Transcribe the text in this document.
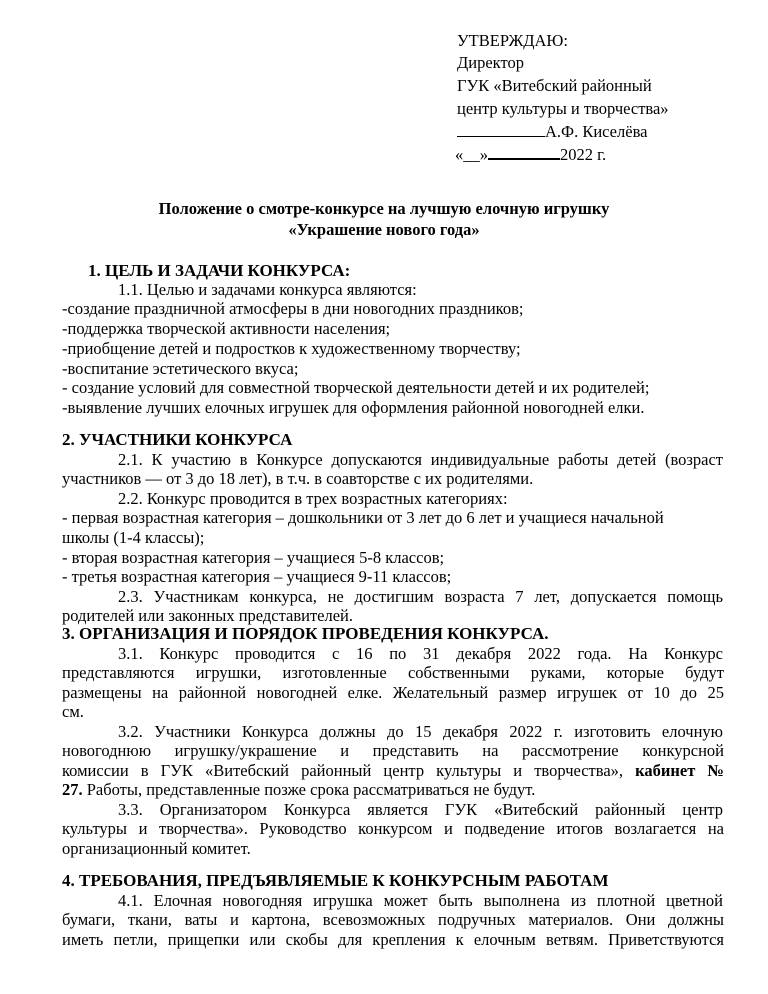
УТВЕРЖДАЮ:
Директор
ГУК «Витебский районный
центр культуры и творчества»
А.Ф. Киселёва
«__»	2022 г.
Положение о смотре-конкурсе на лучшую елочную игрушку
«Украшение нового года»
1. ЦЕЛЬ И ЗАДАЧИ КОНКУРСА:
1.1. Целью и задачами конкурса являются:
-создание праздничной атмосферы в дни новогодних праздников;
-поддержка творческой активности населения;
-приобщение детей и подростков к художественному творчеству;
-воспитание эстетического вкуса;
- создание условий для совместной творческой деятельности детей и их родителей;
-выявление лучших елочных игрушек для оформления районной новогодней елки.
2. УЧАСТНИКИ КОНКУРСА
2.1. К участию в Конкурсе допускаются индивидуальные работы детей (возраст
участников — от 3 до 18 лет), в т.ч. в соавторстве с их родителями.
2.2. Конкурс проводится в трех возрастных категориях:
- первая возрастная категория – дошкольники от 3 лет до 6 лет и учащиеся начальной
школы (1-4 классы);
- вторая возрастная категория – учащиеся 5-8 классов;
- третья возрастная категория – учащиеся 9-11 классов;
2.3. Участникам конкурса, не достигшим возраста 7 лет, допускается помощь
родителей или законных представителей.
3. ОРГАНИЗАЦИЯ И ПОРЯДОК ПРОВЕДЕНИЯ КОНКУРСА.
3.1. Конкурс проводится с 16 по 31 декабря 2022 года. На Конкурс
представляются игрушки, изготовленные собственными руками, которые будут
размещены на районной новогодней елке. Желательный размер игрушек от 10 до 25
см.
3.2. Участники Конкурса должны до 15 декабря 2022 г. изготовить елочную
новогоднюю игрушку/украшение и представить на рассмотрение конкурсной
комиссии в ГУК «Витебский районный центр культуры и творчества», кабинет №
27. Работы, представленные позже срока рассматриваться не будут.
3.3. Организатором Конкурса является ГУК «Витебский районный центр
культуры и творчества». Руководство конкурсом и подведение итогов возлагается на
организационный комитет.
4. ТРЕБОВАНИЯ, ПРЕДЪЯВЛЯЕМЫЕ К КОНКУРСНЫМ РАБОТАМ
4.1. Елочная новогодняя игрушка может быть выполнена из плотной цветной
бумаги, ткани, ваты и картона, всевозможных подручных материалов. Они должны
иметь петли, прищепки или скобы для крепления к елочным ветвям. Приветствуются
